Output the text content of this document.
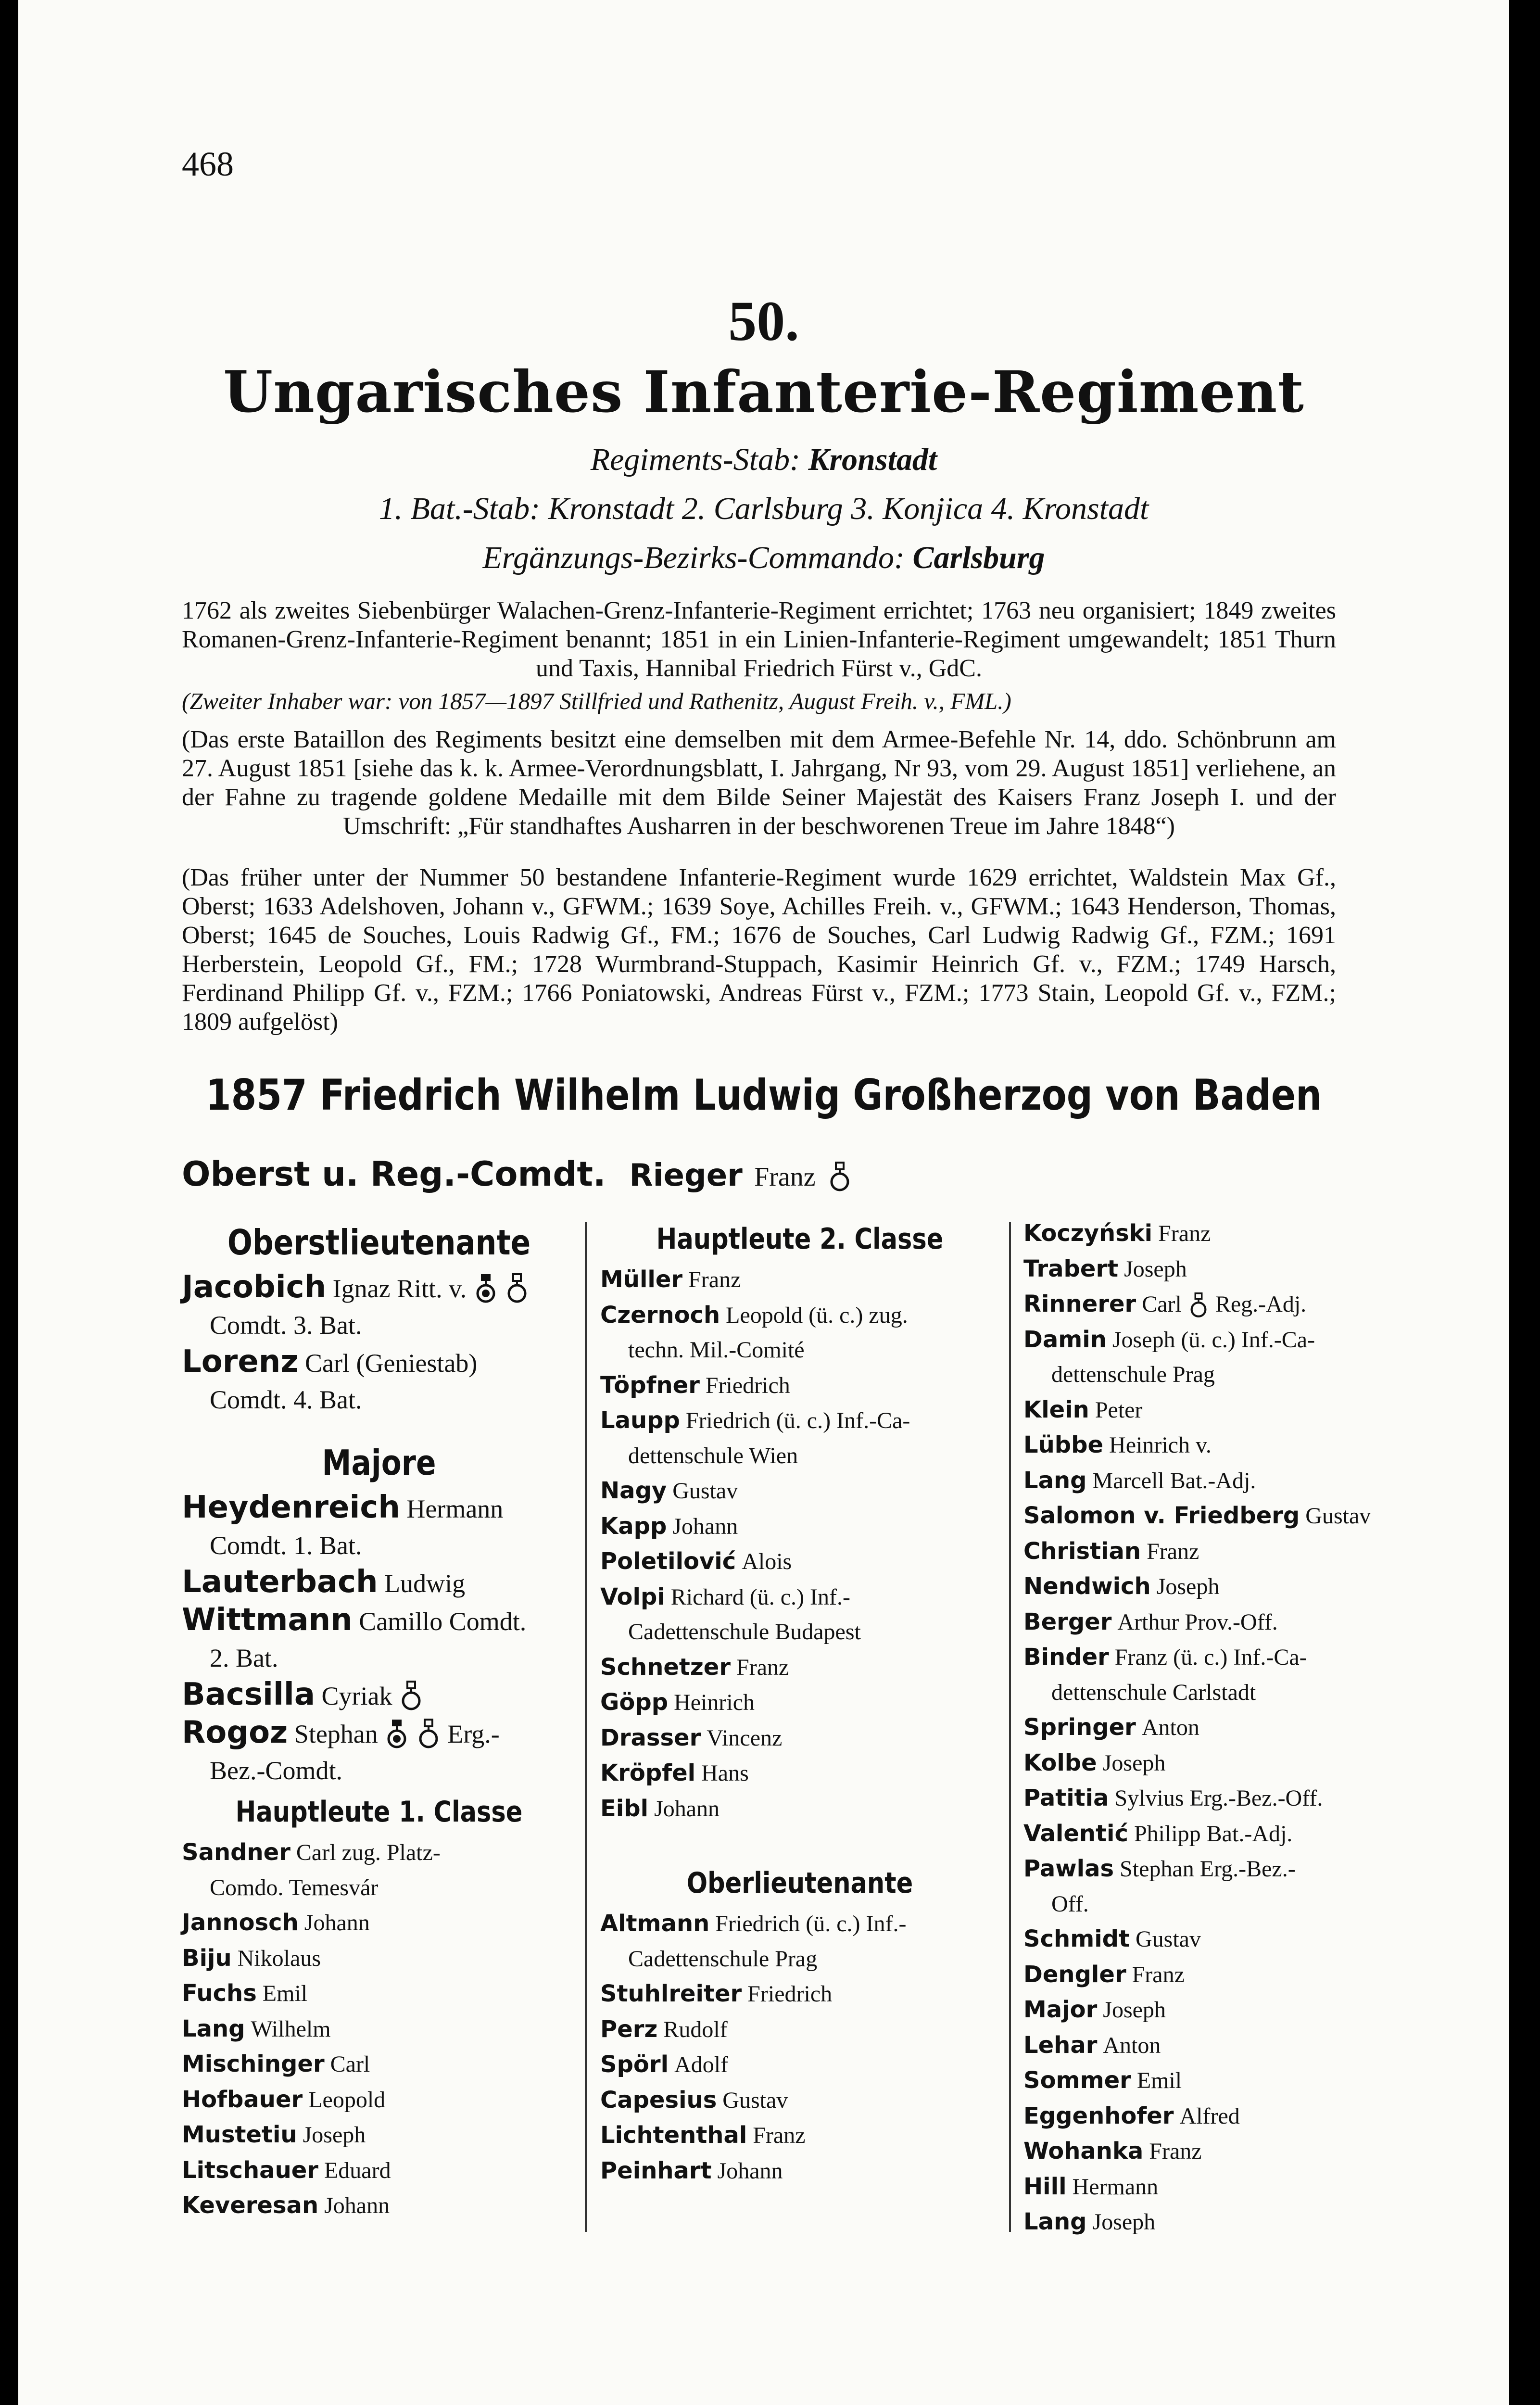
468
50.
Ungarisches Infanterie-Regiment
Regiments-Stab: Kronstadt
1. Bat.-Stab: Kronstadt 2. Carlsburg 3. Konjica 4. Kronstadt
Ergänzungs-Bezirks-Commando: Carlsburg
1762 als zweites Siebenbürger Walachen-Grenz-Infanterie-Regiment errichtet; 1763 neu organisiert; 1849 zweites Romanen-Grenz-Infanterie-Regiment benannt; 1851 in ein Linien-Infanterie-Regiment umgewandelt; 1851 Thurn und Taxis, Hannibal Friedrich Fürst v., GdC.
(Zweiter Inhaber war: von 1857—1897 Stillfried und Rathenitz, August Freih. v., FML.)
(Das erste Bataillon des Regiments besitzt eine demselben mit dem Armee-Befehle Nr. 14, ddo. Schönbrunn am 27. August 1851 [siehe das k. k. Armee-Verordnungsblatt, I. Jahrgang, Nr 93, vom 29. August 1851] verliehene, an der Fahne zu tragende goldene Medaille mit dem Bilde Seiner Majestät des Kaisers Franz Joseph I. und der Umschrift: „Für standhaftes Ausharren in der beschworenen Treue im Jahre 1848“)
(Das früher unter der Nummer 50 bestandene Infanterie-Regiment wurde 1629 errichtet, Waldstein Max Gf., Oberst; 1633 Adelshoven, Johann v., GFWM.; 1639 Soye, Achilles Freih. v., GFWM.; 1643 Henderson, Thomas, Oberst; 1645 de Souches, Louis Radwig Gf., FM.; 1676 de Souches, Carl Ludwig Radwig Gf., FZM.; 1691 Herberstein, Leopold Gf., FM.; 1728 Wurmbrand-Stuppach, Kasimir Heinrich Gf. v., FZM.; 1749 Harsch, Ferdinand Philipp Gf. v., FZM.; 1766 Poniatowski, Andreas Fürst v., FZM.; 1773 Stain, Leopold Gf. v., FZM.; 1809 aufgelöst)
1857 Friedrich Wilhelm Ludwig Großherzog von Baden
Oberst u. Reg.-Comdt. Rieger Franz
Oberstlieutenante
Jacobich Ignaz Ritt. v.
Comdt. 3. Bat.
Lorenz Carl (Geniestab)
Comdt. 4. Bat.
Majore
Heydenreich Hermann
Comdt. 1. Bat.
Lauterbach Ludwig
Wittmann Camillo Comdt.
2. Bat.
Bacsilla Cyriak
Rogoz Stephan	Erg.-
Bez.-Comdt.
Hauptleute 1. Classe
Sandner Carl zug. Platz-
Comdo. Temesvár
Jannosch Johann
Biju Nikolaus
Fuchs Emil
Lang Wilhelm
Mischinger Carl
Hofbauer Leopold
Mustetiu Joseph
Litschauer Eduard
Keveresan Johann
Hauptleute 2. Classe
Müller Franz
Czernoch Leopold (ü. c.) zug.
techn. Mil.-Comité
Töpfner Friedrich
Laupp Friedrich (ü. c.) Inf.-Ca-
dettenschule Wien
Nagy Gustav
Kapp Johann
Poletilović Alois
Volpi Richard (ü. c.) Inf.-
Cadettenschule Budapest
Schnetzer Franz
Göpp Heinrich
Drasser Vincenz
Kröpfel Hans
Eibl Johann
Oberlieutenante
Altmann Friedrich (ü. c.) Inf.-
Cadettenschule Prag
Stuhlreiter Friedrich
Perz Rudolf
Spörl Adolf
Capesius Gustav
Lichtenthal Franz
Peinhart Johann
Koczyński Franz
Trabert Joseph
Rinnerer Carl Reg.-Adj.
Damin Joseph (ü. c.) Inf.-Ca-
dettenschule Prag
Klein Peter
Lübbe Heinrich v.
Lang Marcell Bat.-Adj.
Salomon v. Friedberg Gustav
Christian Franz
Nendwich Joseph
Berger Arthur Prov.-Off.
Binder Franz (ü. c.) Inf.-Ca-
dettenschule Carlstadt
Springer Anton
Kolbe Joseph
Patitia Sylvius Erg.-Bez.-Off.
Valentić Philipp Bat.-Adj.
Pawlas Stephan Erg.-Bez.-
Off.
Schmidt Gustav
Dengler Franz
Major Joseph
Lehar Anton
Sommer Emil
Eggenhofer Alfred
Wohanka Franz
Hill Hermann
Lang Joseph
